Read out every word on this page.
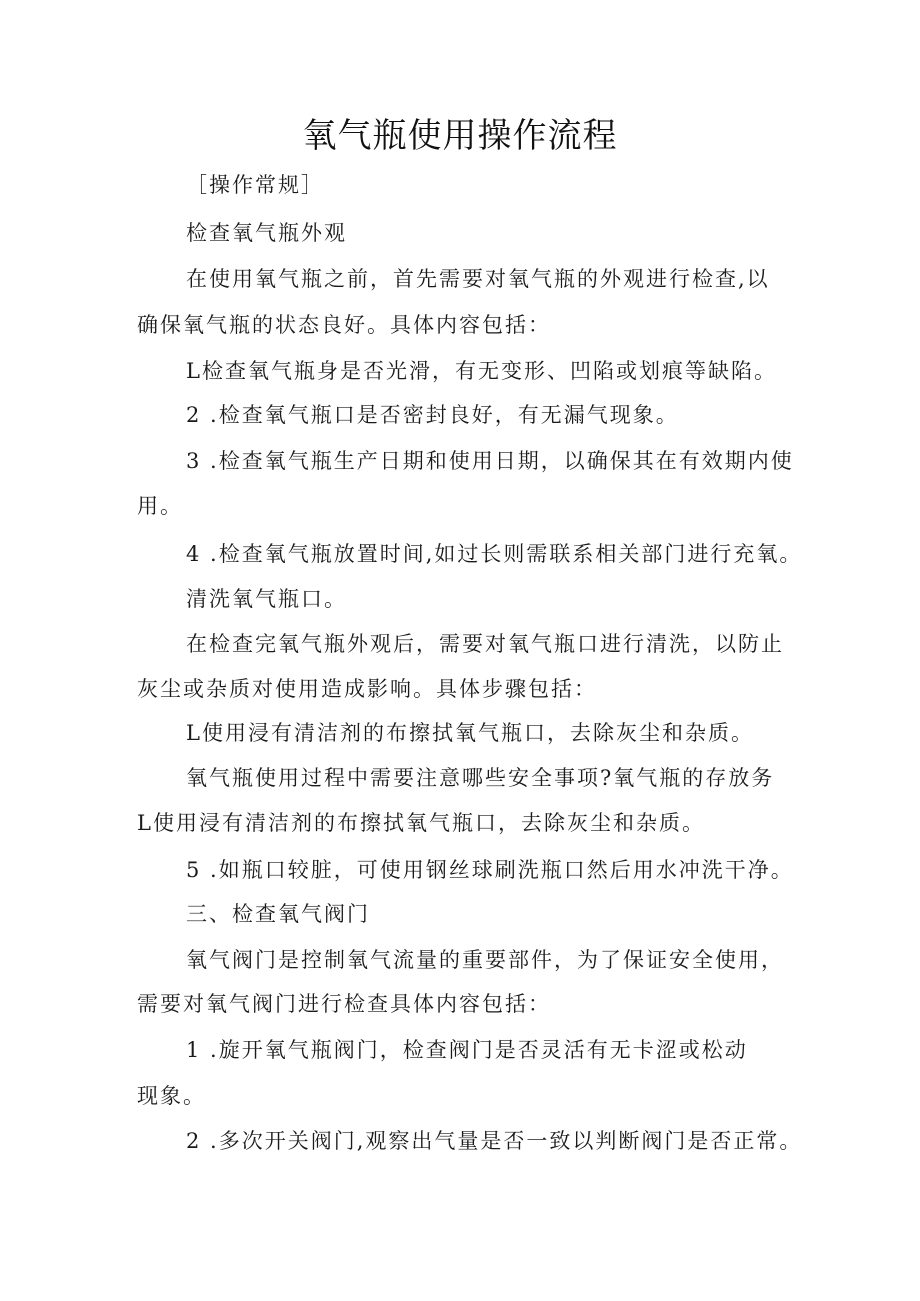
氧气瓶使用操作流程
［操作常规］
检查氧气瓶外观
在使用氧气瓶之前，首先需要对氧气瓶的外观进行检查,以
确保氧气瓶的状态良好。具体内容包括：
L检查氧气瓶身是否光滑，有无变形、凹陷或划痕等缺陷。
2 .检查氧气瓶口是否密封良好，有无漏气现象。
3 .检查氧气瓶生产日期和使用日期，以确保其在有效期内使
用。
4 .检查氧气瓶放置时间,如过长则需联系相关部门进行充氧。
清洗氧气瓶口。
在检查完氧气瓶外观后，需要对氧气瓶口进行清洗，以防止
灰尘或杂质对使用造成影响。具体步骤包括：
L使用浸有清洁剂的布擦拭氧气瓶口，去除灰尘和杂质。
氧气瓶使用过程中需要注意哪些安全事项?氧气瓶的存放务
L使用浸有清洁剂的布擦拭氧气瓶口，去除灰尘和杂质。
5 .如瓶口较脏，可使用钢丝球刷洗瓶口然后用水冲洗干净。
三、检查氧气阀门
氧气阀门是控制氧气流量的重要部件，为了保证安全使用，
需要对氧气阀门进行检查具体内容包括：
1 .旋开氧气瓶阀门，检查阀门是否灵活有无卡涩或松动
现象。
2 .多次开关阀门,观察出气量是否一致以判断阀门是否正常。
